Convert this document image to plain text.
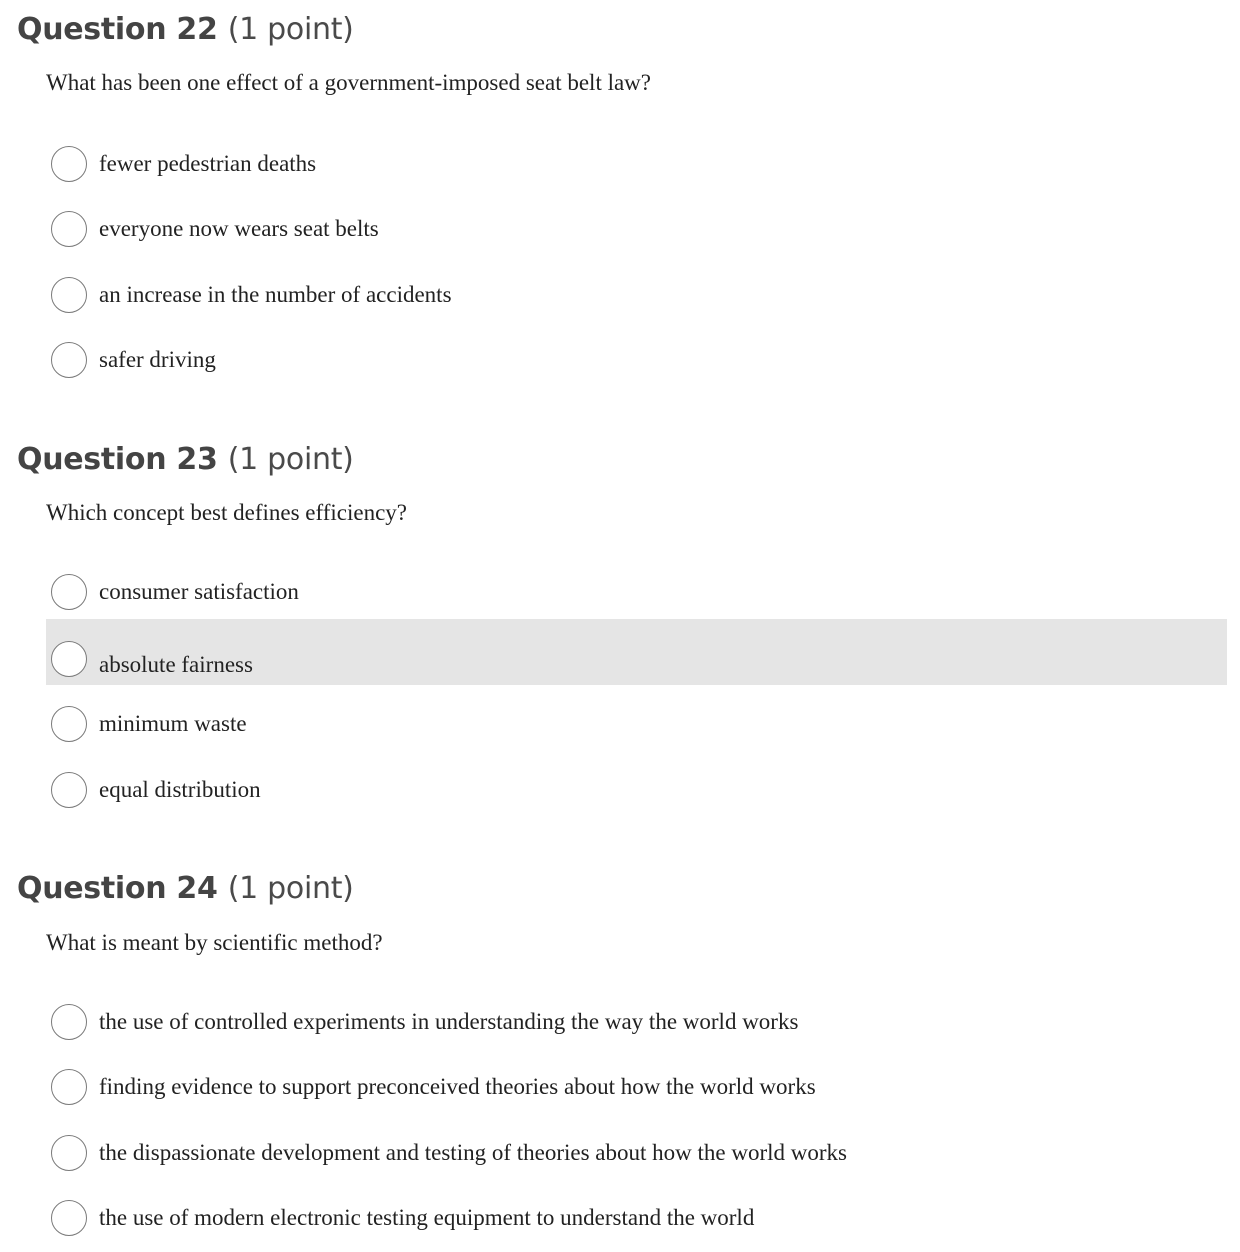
Question 22 (1 point)

What has been one effect of a government-imposed seat belt law?

fewer pedestrian deaths
everyone now wears seat belts
an increase in the number of accidents
safer driving
Question 23 (1 point)

Which concept best defines efficiency?

consumer satisfaction
absolute fairness
minimum waste
equal distribution
Question 24 (1 point)

What is meant by scientific method?

the use of controlled experiments in understanding the way the world works
finding evidence to support preconceived theories about how the world works
the dispassionate development and testing of theories about how the world works
the use of modern electronic testing equipment to understand the world
